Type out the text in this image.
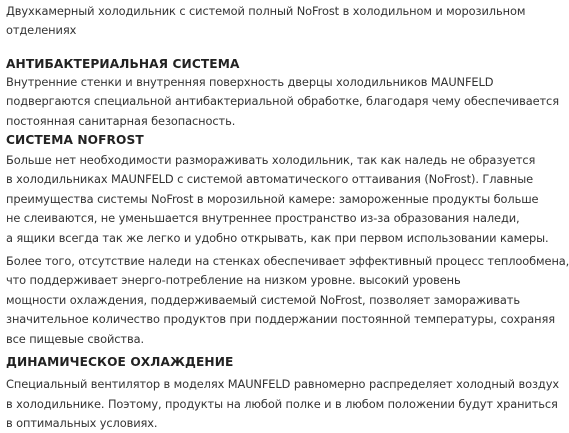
Двухкамерный холодильник с системой полный NoFrost в холодильном и морозильном
отделениях

АНТИБАКТЕРИАЛЬНАЯ СИСТЕМА

Внутренние стенки и внутренняя поверхность дверцы холодильников MAUNFELD
подвергаются специальной антибактериальной обработке, благодаря чему обеспечивается
постоянная санитарная безопасность.

СИСТЕМА NOFROST

Больше нет необходимости размораживать холодильник, так как наледь не образуется
в холодильниках MAUNFELD с системой автоматического оттаивания (NoFrost). Главные
преимущества системы NoFrost в морозильной камере: замороженные продукты больше
не слеиваются, не уменьшается внутреннее пространство из-за образования наледи,
а ящики всегда так же легко и удобно открывать, как при первом использовании камеры.

Более того, отсутствие наледи на стенках обеспечивает эффективный процесс теплообмена,
что поддерживает энерго-потребление на низком уровне. высокий уровень
мощности охлаждения, поддерживаемый системой NoFrost, позволяет замораживать
значительное количество продуктов при поддержании постоянной температуры, сохраняя
все пищевые свойства.

ДИНАМИЧЕСКОЕ ОХЛАЖДЕНИЕ

Специальный вентилятор в моделях MAUNFELD равномерно распределяет холодный воздух
в холодильнике. Поэтому, продукты на любой полке и в любом положении будут храниться
в оптимальных условиях.
